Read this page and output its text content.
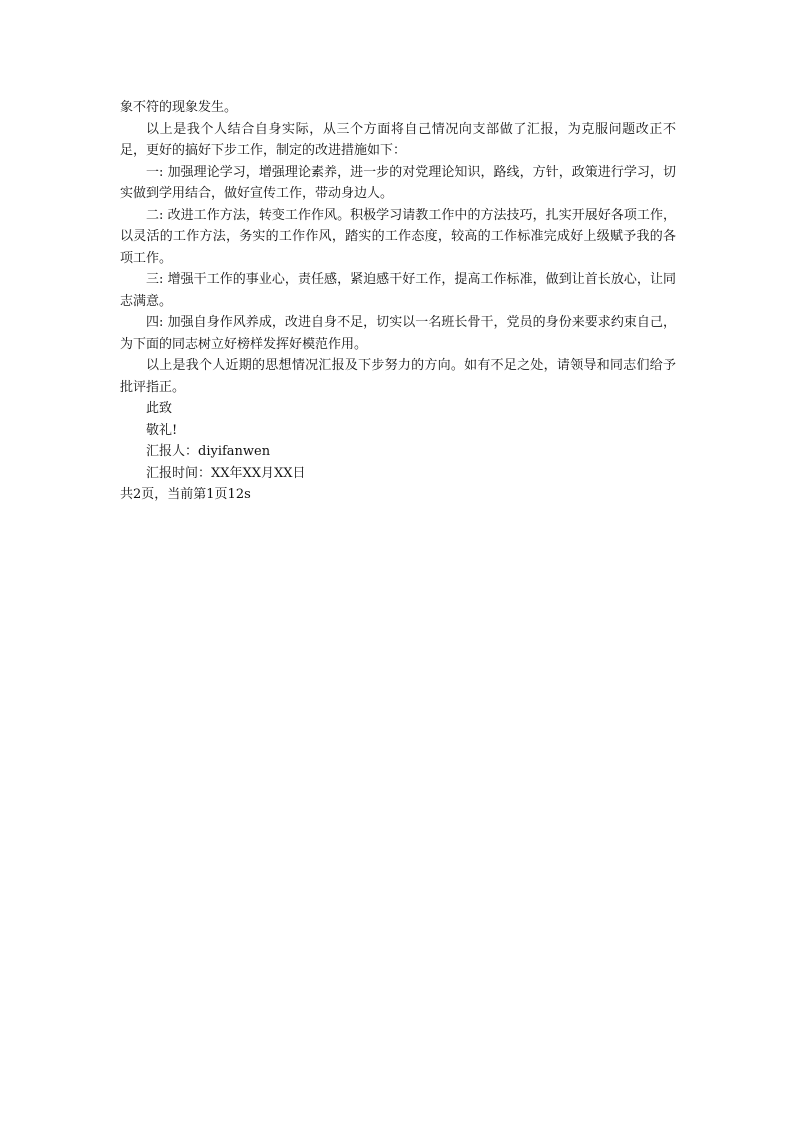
象不符的现象发生。

以上是我个人结合自身实际，从三个方面将自己情况向支部做了汇报，为克服问题改正不足，更好的搞好下步工作，制定的改进措施如下：

一: 加强理论学习，增强理论素养，进一步的对党理论知识，路线，方针，政策进行学习，切实做到学用结合，做好宣传工作，带动身边人。

二: 改进工作方法，转变工作作风。积极学习请教工作中的方法技巧，扎实开展好各项工作，以灵活的工作方法，务实的工作作风，踏实的工作态度，较高的工作标准完成好上级赋予我的各项工作。

三: 增强干工作的事业心，责任感，紧迫感干好工作，提高工作标准，做到让首长放心，让同志满意。

四: 加强自身作风养成，改进自身不足，切实以一名班长骨干，党员的身份来要求约束自己，为下面的同志树立好榜样发挥好模范作用。

以上是我个人近期的思想情况汇报及下步努力的方向。如有不足之处，请领导和同志们给予批评指正。

此致

敬礼!

汇报人：diyifanwen

汇报时间：XX年XX月XX日

共2页，当前第1页12s
